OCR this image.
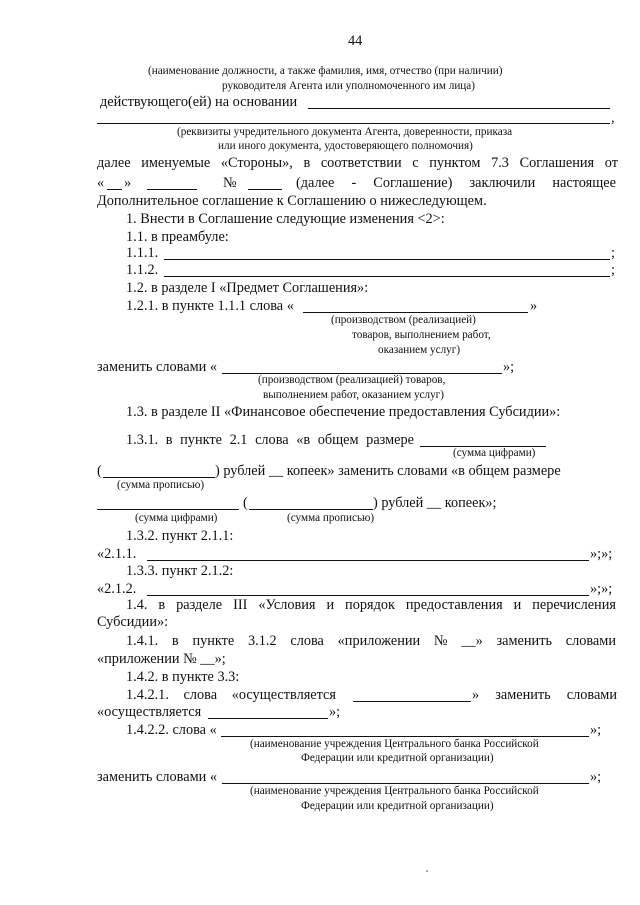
44
(наименование должности, а также фамилия, имя, отчество (при наличии)
руководителя Агента или уполномоченного им лица)
действующего(ей) на основании
,
(реквизиты учредительного документа Агента, доверенности, приказа
или иного документа, удостоверяющего полномочия)
далее именуемые «Стороны», в соответствии с пунктом 7.3 Соглашения от
« »	№	(далее - Соглашение) заключили настоящее
Дополнительное соглашение к Соглашению о нижеследующем.
1. Внести в Соглашение следующие изменения <2>:
1.1. в преамбуле:
1.1.1.	;
1.1.2.	;
1.2. в разделе I «Предмет Соглашения»:
1.2.1. в пункте 1.1.1 слова «	»
(производством (реализацией)
товаров, выполнением работ,
оказанием услуг)
заменить словами «	»;
(производством (реализацией) товаров,
выполнением работ, оказанием услуг)
1.3. в разделе II «Финансовое обеспечение предоставления Субсидии»:
1.3.1. в пункте 2.1 слова «в общем размере
(сумма цифрами)
(	) рублей __ копеек» заменить словами «в общем размере
(сумма прописью)
(	) рублей __ копеек»;
(сумма цифрами)	(сумма прописью)
1.3.2. пункт 2.1.1:
«2.1.1.	»;»;
1.3.3. пункт 2.1.2:
«2.1.2.	»;»;
1.4. в разделе III «Условия и порядок предоставления и перечисления
Субсидии»:
1.4.1. в пункте 3.1.2 слова «приложении № __» заменить словами
«приложении № __»;
1.4.2. в пункте 3.3:
1.4.2.1. слова «осуществляется	» заменить словами
«осуществляется	»;
1.4.2.2. слова «	»;
(наименование учреждения Центрального банка Российской
Федерации или кредитной организации)
заменить словами «	»;
(наименование учреждения Центрального банка Российской
Федерации или кредитной организации)
